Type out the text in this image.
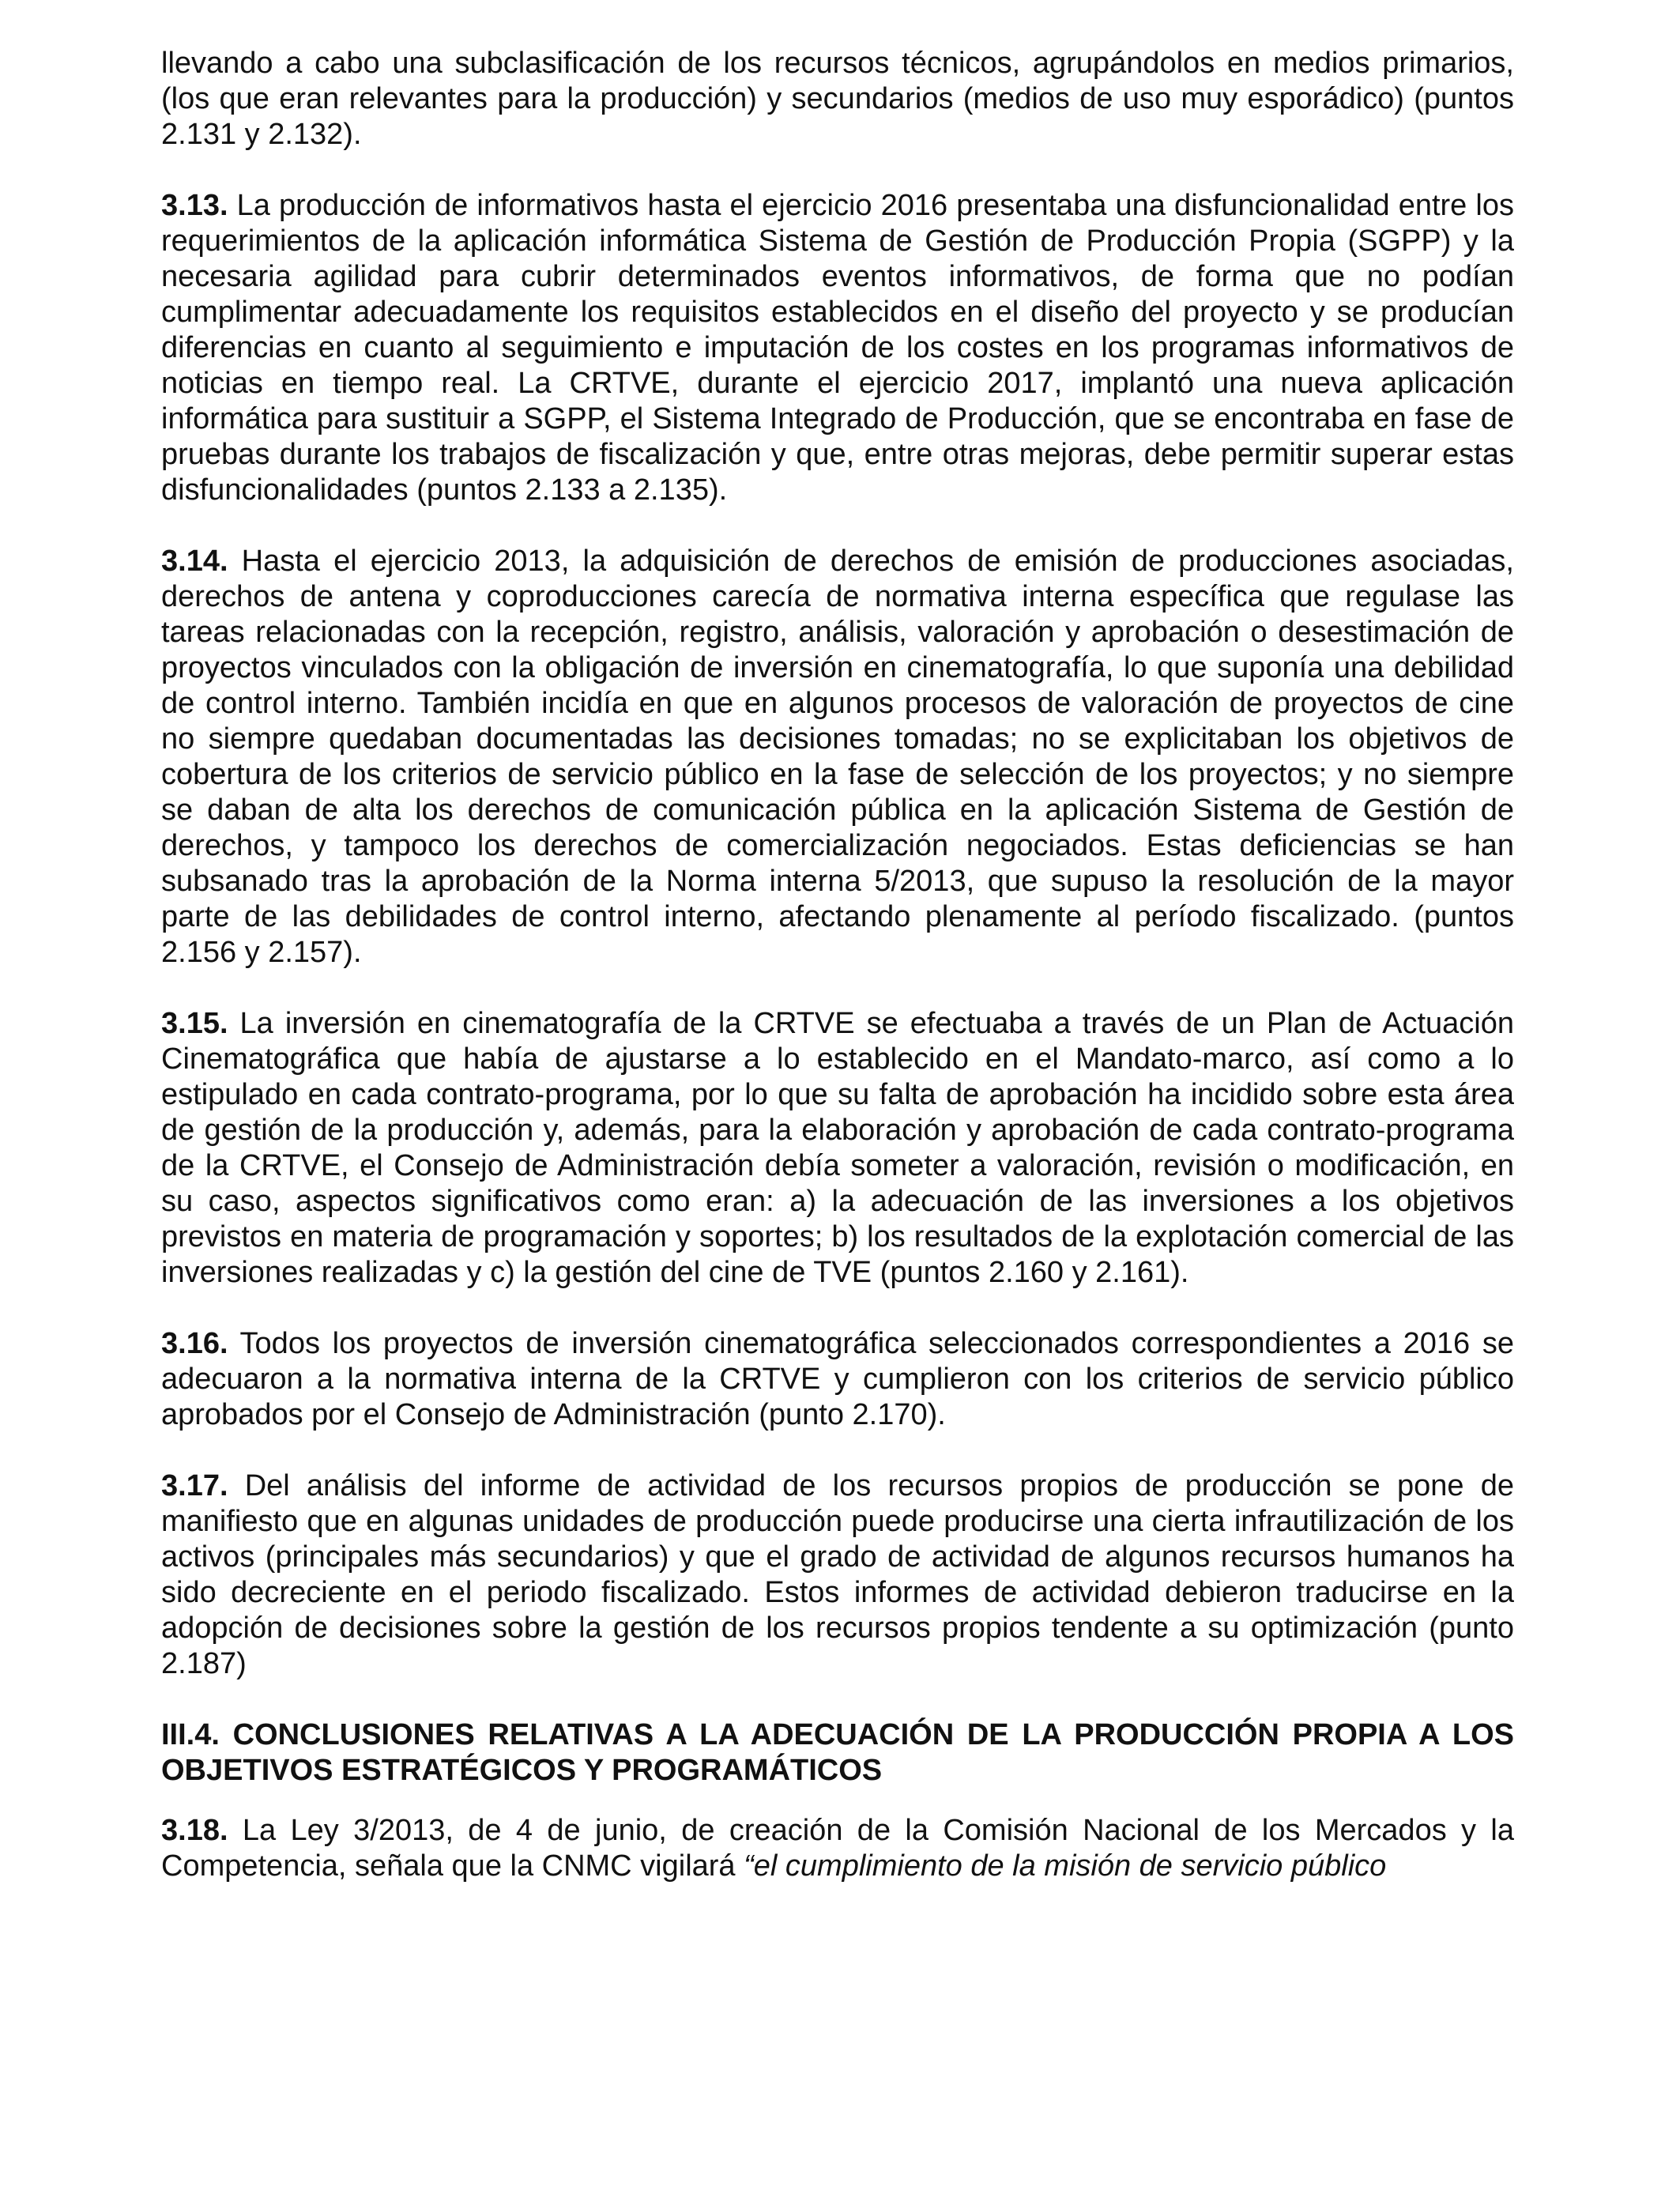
llevando a cabo una subclasificación de los recursos técnicos, agrupándolos en medios primarios, (los que eran relevantes para la producción) y secundarios (medios de uso muy esporádico) (puntos 2.131 y 2.132).

3.13. La producción de informativos hasta el ejercicio 2016 presentaba una disfuncionalidad entre los requerimientos de la aplicación informática Sistema de Gestión de Producción Propia (SGPP) y la necesaria agilidad para cubrir determinados eventos informativos, de forma que no podían cumplimentar adecuadamente los requisitos establecidos en el diseño del proyecto y se producían diferencias en cuanto al seguimiento e imputación de los costes en los programas informativos de noticias en tiempo real. La CRTVE, durante el ejercicio 2017, implantó una nueva aplicación informática para sustituir a SGPP, el Sistema Integrado de Producción, que se encontraba en fase de pruebas durante los trabajos de fiscalización y que, entre otras mejoras, debe permitir superar estas disfuncionalidades (puntos 2.133 a 2.135).

3.14. Hasta el ejercicio 2013, la adquisición de derechos de emisión de producciones asociadas, derechos de antena y coproducciones carecía de normativa interna específica que regulase las tareas relacionadas con la recepción, registro, análisis, valoración y aprobación o desestimación de proyectos vinculados con la obligación de inversión en cinematografía, lo que suponía una debilidad de control interno. También incidía en que en algunos procesos de valoración de proyectos de cine no siempre quedaban documentadas las decisiones tomadas; no se explicitaban los objetivos de cobertura de los criterios de servicio público en la fase de selección de los proyectos; y no siempre se daban de alta los derechos de comunicación pública en la aplicación Sistema de Gestión de derechos, y tampoco los derechos de comercialización negociados. Estas deficiencias se han subsanado tras la aprobación de la Norma interna 5/2013, que supuso la resolución de la mayor parte de las debilidades de control interno, afectando plenamente al período fiscalizado. (puntos 2.156 y 2.157).

3.15. La inversión en cinematografía de la CRTVE se efectuaba a través de un Plan de Actuación Cinematográfica que había de ajustarse a lo establecido en el Mandato-marco, así como a lo estipulado en cada contrato-programa, por lo que su falta de aprobación ha incidido sobre esta área de gestión de la producción y, además, para la elaboración y aprobación de cada contrato-programa de la CRTVE, el Consejo de Administración debía someter a valoración, revisión o modificación, en su caso, aspectos significativos como eran: a) la adecuación de las inversiones a los objetivos previstos en materia de programación y soportes; b) los resultados de la explotación comercial de las inversiones realizadas y c) la gestión del cine de TVE (puntos 2.160 y 2.161).

3.16. Todos los proyectos de inversión cinematográfica seleccionados correspondientes a 2016 se adecuaron a la normativa interna de la CRTVE y cumplieron con los criterios de servicio público aprobados por el Consejo de Administración (punto 2.170).

3.17. Del análisis del informe de actividad de los recursos propios de producción se pone de manifiesto que en algunas unidades de producción puede producirse una cierta infrautilización de los activos (principales más secundarios) y que el grado de actividad de algunos recursos humanos ha sido decreciente en el periodo fiscalizado. Estos informes de actividad debieron traducirse en la adopción de decisiones sobre la gestión de los recursos propios tendente a su optimización (punto 2.187)

III.4. CONCLUSIONES RELATIVAS A LA ADECUACIÓN DE LA PRODUCCIÓN PROPIA A LOS OBJETIVOS ESTRATÉGICOS Y PROGRAMÁTICOS

3.18. La Ley 3/2013, de 4 de junio, de creación de la Comisión Nacional de los Mercados y la Competencia, señala que la CNMC vigilará “el cumplimiento de la misión de servicio público
